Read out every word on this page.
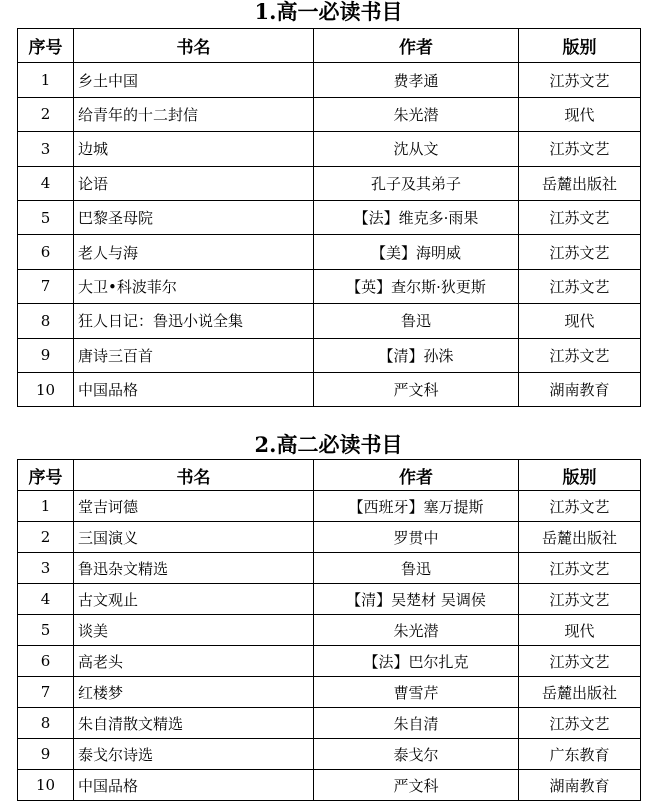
1.高一必读书目
序号	书名	作者	版别
1	乡土中国	费孝通	江苏文艺
2	给青年的十二封信	朱光潜	现代
3	边城	沈从文	江苏文艺
4	论语	孔子及其弟子	岳麓出版社
5	巴黎圣母院	【法】维克多·雨果	江苏文艺
6	老人与海	【美】海明威	江苏文艺
7	大卫•科波菲尔	【英】查尔斯·狄更斯	江苏文艺
8	狂人日记：鲁迅小说全集	鲁迅	现代
9	唐诗三百首	【清】孙洙	江苏文艺
10	中国品格	严文科	湖南教育
2.高二必读书目
序号	书名	作者	版别
1	堂吉诃德	【西班牙】塞万提斯	江苏文艺
2	三国演义	罗贯中	岳麓出版社
3	鲁迅杂文精选	鲁迅	江苏文艺
4	古文观止	【清】吴楚材 吴调侯	江苏文艺
5	谈美	朱光潜	现代
6	高老头	【法】巴尔扎克	江苏文艺
7	红楼梦	曹雪芹	岳麓出版社
8	朱自清散文精选	朱自清	江苏文艺
9	泰戈尔诗选	泰戈尔	广东教育
10	中国品格	严文科	湖南教育
